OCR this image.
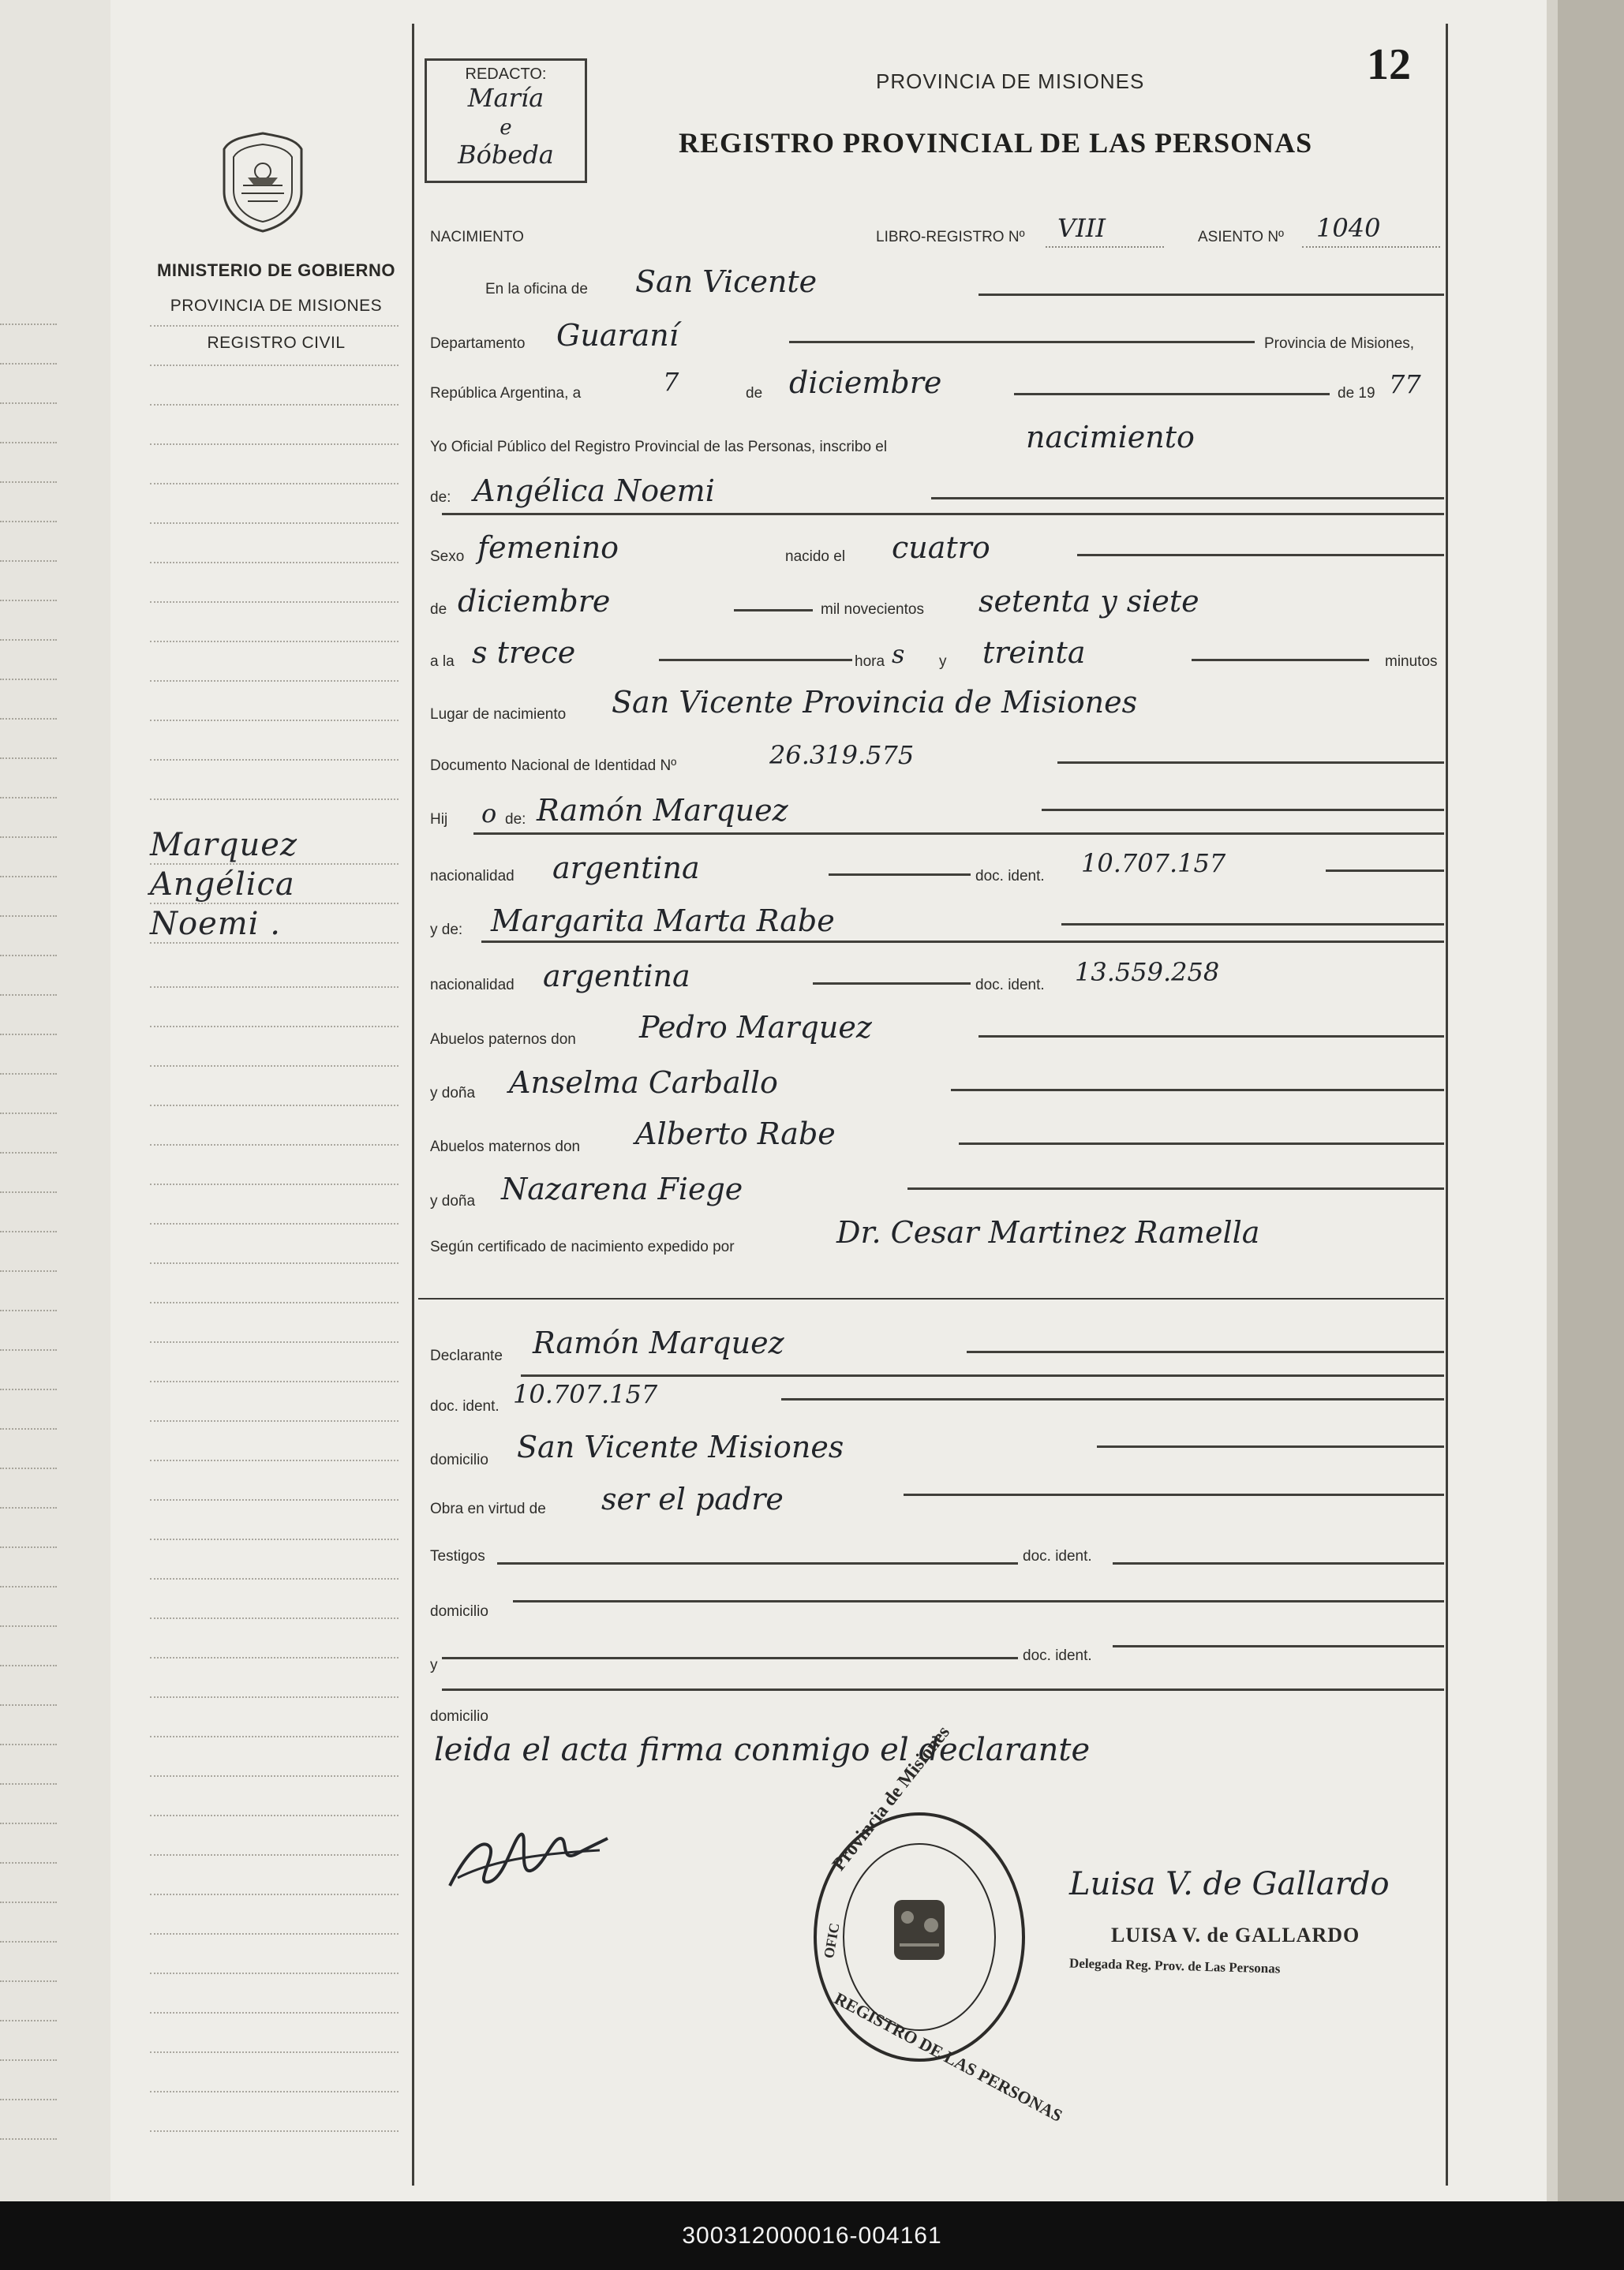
MINISTERIO DE GOBIERNO
PROVINCIA DE MISIONES
REGISTRO CIVIL
Marquez
Angélica
Noemi .
REDACTO:
María
e
Bóbeda
PROVINCIA DE MISIONES
REGISTRO PROVINCIAL DE LAS PERSONAS
12
NACIMIENTO	LIBRO-REGISTRO Nº VIII	ASIENTO Nº 1040
En la oficina de San Vicente
Departamento Guaraní	Provincia de Misiones,
República Argentina, a	7	de diciembre	de 19 77
Yo Oficial Público del Registro Provincial de las Personas, inscribo el	nacimiento
de: Angélica Noemi
Sexo femenino	nacido el cuatro
de diciembre	mil novecientos setenta y siete
a la s trece	hora s y treinta	minutos
Lugar de nacimiento San Vicente Provincia de Misiones
Documento Nacional de Identidad Nº	26.319.575
Hij o de: Ramón Marquez
nacionalidad argentina	doc. ident. 10.707.157
y de: Margarita Marta Rabe
nacionalidad argentina	doc. ident. 13.559.258
Abuelos paternos don Pedro Marquez
y doña Anselma Carballo
Abuelos maternos don Alberto Rabe
y doña Nazarena Fiege
Según certificado de nacimiento expedido por	Dr. Cesar Martinez Ramella
Declarante Ramón Marquez
doc. ident. 10.707.157
domicilio San Vicente Misiones
Obra en virtud de ser el padre
Testigos	doc. ident.
domicilio
y
doc. ident.
domicilio
leida el acta firma conmigo el declarante
Provincia de Misiones
REGISTRO DE LAS PERSONAS
OFIC
Luisa V. de Gallardo
LUISA V. de GALLARDO
Delegada Reg. Prov. de Las Personas
300312000016-004161
